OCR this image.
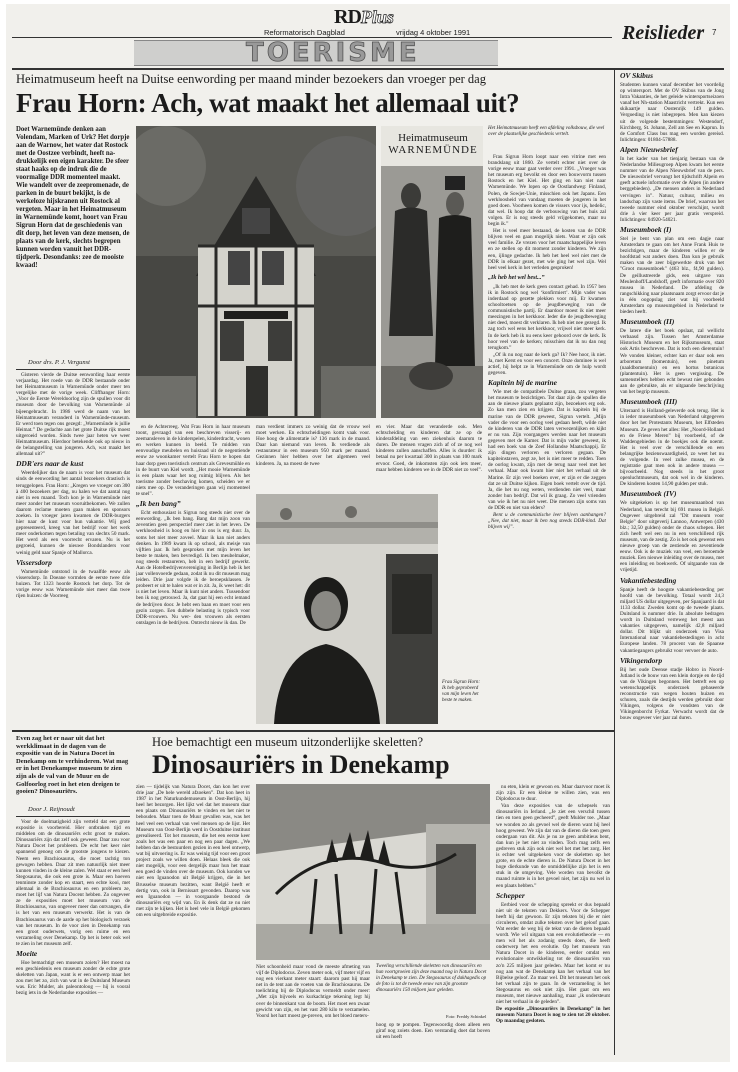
RDPlus
Reformatorisch Dagblad	vrijdag 4 oktober 1991	7
TOERISME
Reislieder
Heimatmuseum heeft na Duitse eenwording per maand minder bezoekers dan vroeger per dag
Frau Horn: Ach, wat maakt het allemaal uit?
Doet Warnemünde denken aan Volendam, Marken of Urk? Het dorpje aan de Warnow, het water dat Rostock met de Oostzee verbindt, heeft na-drukkelijk een eigen karakter. De sfeer staat haaks op de indruk die de voormalige DDR momenteel maakt. Wie wandelt over de zeepromenade, de parken in de buurt bekijkt, is de werkeloze hijskranen uit Rostock al vergeten. Maar in het Heimatmuseum in Warnemünde komt, hoort van Frau Sigrun Horn dat de geschiedenis van dit dorp, het leven van deze mensen, de plaats van de kerk, slechts begrepen kunnen worden vanuit het DDR-tijdperk. Desondanks: zee de mooiste kwaad!
Door drs. P. J. Vergunst

Gisteren vierde de Duitse eenwording haar eerste verjaardag. Het roede van de DDR bestaande onder het Heimatmuseum in Warnemünde onder meer ten vergelijke met de vorige week. Cliffhanger Horn: „Voor de Eerste Wereldoorlog zijn de spullen voor dit museum door de bevolking van Warnemünde al bijeengebracht. In 1986 werd de naam van het Heimatmuseum veranderd in Warnemünde-museum. Er werd toen tegen ons gezegd: „Warnemünde is jullie Heimat.” De gedachte aan het grote Duitse rijk moest uitgeroeid worden. Sinds twee jaar heten we weer Heimatmuseum. Hierdoor betekende ook op nieuw in de belangstelling van jongeren. Ach, wat maakt het allemaal uit?”

DDR'ers naar de kust

Weerdelijker dan de naam is voor het museum dat sinds de eenwording het aantal bezoekers drastisch is teruggelopen. Frau Horn: „Kregen we vroeger om 300 à 400 bezoekers per dag, nu halen we dat aantal nog niet in een maand. Toch kon je in Warnemünde niet meer zonder het museum vooruitbekomen. We zullen daarom reclame moeten gaan maken en sponsors zoeken. In vroeger jaren kwamen de DDR-burgers hier naar de kust voor hun vakantie. Wij goed gepresenteerd, kreeg van het bedrijf voor het werk meer onderkomen tegen betaling van slechts 50 mark. Het werd als een voorrecht ervaren. Nu is het gegroeid, kunnen de nieuwe Bondslanders voor weinig geld naar Spanje of Mallorca.

Vissersdorp

Warnemünde ontstond in de twaalfde eeuw als vissersdorp. In Doeane vormden de eerste twee drie huizen. Tot 1323 hoorde Rostock het dorp. Tot de vorige eeuw was Warnemünde niet meer dan twee rijen huizen: de Voorreeg

Heimatmuseum
WARNEMÜNDE
Het Heimatmuseum heeft een afdeling volksbouw, die veel over de plaatselijke geschiedenis vertelt.

Frau Sigrun Horn loopt naar een vitrine met een brandslang uit 1860. Ze vertelt echter niet over de vorige eeuw maar gaat verder over 1991. „Vroeger was het museum erg bevolkt en door een bouwvorm tussen Rostock en het Kiel. Het ging en kan niet naar Warnemünde. We lopen op de Oostlandweg: Finland, Polen, de Sowjet-Unie, misschien ook het Japans. Een werkloosheid van vandaag moeten de jongeren in het goed doen. Voorheen komen de vissers voor ijs, hedelic, dat wel. Ik hoop dat de verbouwing van het huis zal volgen. Er is nog steeds geld vrijgekomen, maar nu begin ik.”

Het is veel meer bestaand, de kosten van de DDR blijven veel en gaan mogelijk niets. Want er zijn ook veel familie. Ze vrezen voor het maatschappelijke leven en ze stellen op dit moment zonder kinderen. We zijn een, ijlinge gedachte. Ik heb het heel wel niet met de DDR in elkaar gezet, met wie ging het wel zijn. Wel heel veel kerk in het verleden gesproken!

„Ik heb het wel best...”

„Ik heb met de kerk geen contact gehad. In 1957 ben ik in Rostock nog wel ‘konfirmiert’. Mijn vader was inderdaad op gezette plekken voor mij. Er kwamen schooltoetsen op de jeugdbeweging van de communistische partij. Er daardoor moest ik niet meer meezingen in het kerkkoor. Ieder die de jeugdbeweging niet deed, moest dit verklaren. Ik heb niet nee gezegd. Ik zag toch wel eens het kerkkoor, vrijwel niet meer kerk. In de kerk heb ik nu eens keer gehoord over de kerk. Ik hoor veel van de kerken; misschien dat ik nu dan nog terugkom.”

„Of ik nu nog naar de kerk ga? Ik? Nee hoor, ik niet. Ja, met Kerst en voor een concert. Onze dominee is wel actief, hij helpt ze in Warnemünde om de hulp wordt gegeven.

Kapitein bij de marine

Wie met de compatibele Duitse graan, zou vergeten het museum te bezichtigen. Tot daar zijn de spullen die aan de nieuwe plaats geplaatst zijn, bezoekers erg ook. Zo kan men zien en krijgen. Dat is kapitein bij de marine van de DDR geweest, Sigrun vertelt. „Mijn vader die voor een oorlog veel gedaan heeft, wilde niet de kinderen van de DDR laten verwezenlijken en kijkt er nu van. Zijn voorgangers werden naar het museum gegeven met de Kamer. Dat is mijn vader geweest, ik had een boek van de Zeef Hollandse Maatschappij. Er zijn dingen verloren en verloren gegaan. De kapiteinstaven, zegt ze, het is niet meer te redden. Toen de oorlog kwam, zijn met de terug naar veel met het verhaal. Maar ook kwam hier niet het verhaal uit de Marine. Er zijn veel boeken over, er zijn er die zeggen dat ze uit Duitse kijken. Eigen boek vertelt over de tijd. Ja, die het nu nog weten, verdienden niet veel, maar zonder hun bedrijf. Dat wil ik graag. Zo veel vrienden van wie ik het nu niet weet. Die mensen zijn soms van de DDR en niet van elders?

Bent u de communistische leer blijven aanhangen? „Nee, dat niet, maar ik ben nog steeds DDR-kind. Dat blijven wij”.

en de Achterreeg. Wat Frau Horn in haar museum toont, gevraagd van een beschreven visserij- en zeemansleven in de kinderspelen, kinderdracht, wonen en werken kunnen in beeld. Te midden van eenvoudige meubelen en huisraad uit de negentiende eeuw ze woonkamer vertelt Frau Horn te hopen dat haar dorp geen toeristisch centrum als Grevesmühle en in de buurt van Kiel wordt. „Het mooie Warnemünde is een plaats waar het nog ruimig blijven. Als het toerisme zonder beschaving komen, scheiden we er niets mee op. De veranderingen gaan wij momenteel te snel”.

„Ik ben bang”

Echt enthousiast is Sigrun nog steeds niet over de eenwording. „Ik ben bang. Bang dat mijn zoon van zeventien geen perspectief meer ziet in het leven. De werkloosheid is hoog en hier in ons is erg duur. Ja, soms het niet meer zoveel. Maar ik kan niet anders denken. In 1989 kwam ik op school, als meisje van vijftien jaar. Ik heb gesproken met mijn leven het beste te maken, ben bevredigd. Ik ben meubelmaker, nog steeds restaureren, heb in een bedrijf gewerkt. Aan de Hotelbedrijvenvereniging in Berlijn heb ik het jaar vollenvoerde gedaan, zodat ik nu dit museum mag leiden. Drie jaar volgde ik de beroepsklassen. Je probeert er uit te halen wat er in zit. Ja, ik weet het: dit is niet het leven. Maar ik kunt niet anders. Tussendoor ben ik nog getrouwd. Ja, dat gaat hij een echt iemand de bedrijven door. Je hebt een baan en moet voor een gezin zorgen. Een dubbele belasting is typisch voor DDR-vrouwen. Nu wer- den vrouwen als eersten ontslagen in de bedrijven. Ontrecht nieuw ik dan. De

man verdient immers zo weinig dat de vrouw wel moet werken. En echtscheidingen komt vaak voor. Hoe hoog de alimentatie is? 136 mark in de maand. Daar kan niemand van leven. Ik verdiende als restaurateur in een museum 950 mark per maand. Gezinnen hier hebben over het algemeen veel kinderen. Ja, na moest de twee
en vier. Maar dat veranderde ook. Men echtscheiding en kinderen dat ze op de kinderafdeling van een ziekenhuis daarom te duren. De mensen vragen zich af of ze nog wel kinderen zullen aanschaffen. Alles is duurder: ik betaal nu per kwartaal 300 in plaats van 100 mark ervoor. Goed, de inkomsten zijn ook iets meer, maar hebben kinderen we in de DDR niet zo veel”.
Frau Sigrun Horn: Ik heb geprobeerd van mijn leven het beste te maken.
OV Skibus
Studenten kunnen vanaf december het voordelig op wintersport. Met de OV Skibus van de Jong Intra Vakanties, de het geleide wintersportseizoen vanaf het Nh-station Maastricht vertrekt. Kun een skikaartje naar Oostenrijk 149 gulden. Vergoeding is niet inbegrepen. Men kan kiezen uit de volgende bestemmingen: Westendorf, Kirchberg, St. Johann, Zell am See en Kaprun. In de Comfort Class bus mag een worden gereisd. Inlichtingen: 01804-57888.
Alpen Nieuwsbrief
In het kader van het tienjarig bestaan van de Nederlandse Milieugroep Alpen kwam het eerste nummer van de Alpen Nieuwsbrief van de pers. De nieuwsbrief vervangt het tijdschrift Alpein en geeft actuele informatie over de Alpen (in andere berggebieden). „De mensen anders in Nederland vervingen in”. Natuur, cultuur, milieu en landschap zijn vaste items. De brief, waarvan het tweede nummer eind oktober verschijnt, wordt drie à vier keer per jaar gratis verspreid. Inlichtingen: 04920-54021.
Museumboek (I)
Stel je bent van plan om een dagje naar Amsterdam te gaan om het Anne Frank Huis te bezichtigen, maar de kinderen willen er de hoofdstad wat anders doen. Dan kun je gebruik maken van de zeer bijgewerkte druk van het "Groot museumboek" (463 blz., f4,90 gulden). De geillustreerde gids, een uitgave van Meulenhoff/Landshoff, geeft informatie over 820 musea in Nederland. De afdeling de rangschikking naar plaatsnaam zorgt ervoor dat je in één oogopslag ziet wat bij voorbeeld Amsterdam op museumgebied in Nederland te bieden heeft.
Museumboek (II)
De latere die het boek opslaat, zal wellicht verbaasd zijn. Tussen het Amsterdamse Historisch Museum en het Rijksmuseum, staat ook Artis beschreven. Dat is toch een dierentuin! We vonden kleiner, echter kan er daar ook een arboretum (bomentuin), een pinetum (naaldbomentuin) en een hortus botanicus (plantentuin). Het is geen vergissing. De samenstellers hebben echt bewust niet gebonden aan de gebruikte, als er uitgaande beschrijving van het begrip museum.
Museumboek (III)
Uiteraard is Holland-geleverde ook terug. Het is in ieder museumboek van Nederland uitgegeven door het het Protestants Museum, het Elfsteden Museum. Ze geven het alles: Het „Noord-Holland en de Friese Meren” bij voorbeeld, of de Waddengebieden in de boekjes ook die noemt. Het is veel over de verschillende en een belangrijke bezienswaardigheid, zo weet het nu de volgende. In veel zulke musea, en de registratie gaat men ook in andere musea — bijvoorbeeld. Nog steeds in het groot openluchtmuseum, dat ook wel in de kinderen. De kinderen kosten 14,90 gulden per stuk.
Museumboek (IV)
We uitgekeken is op het museumaanbod van Nederland, kan terecht bij 691 musea in België. Ongeveer uitgebreid zal "Dit museum voor Belgie" door uitgeverij Lannoo, Antwerpen (430 blz.; 32,50 gulden) onder de chaos schepen. Het zich heeft wel een nu in een verschillend rijk museum, van de zestig. Zo is het ook gewenst een nieuwe groep van de zestiende en zeventiende eeuw. Ook is de muziek van veel, een beroemde muziek. Een nieuwe inleiding over de musea, met een inleiding en boekwerk. Of uitgaande van de vrijetijd.
Vakantiebesteding
Spanje heeft de hoogste vakantiebesteding per hoofd van de bevolking. Totaal wordt 24,3 miljard US dollar uitgegeven, per Spanjaard is dat 1133 dollar. Zweden komt op de tweede plaats. Duitsland is nummer drie. In absolute bedragen wordt in Duitsland verreweg het meest aan vakanties uitgegeven, namelijk 42,8 miljard dollar. Dit blijkt uit onderzoek van Visa International naar vakantiebestedingen in acht Europese landen. 78 procent van de Spaanse vakantiegangers gebruikt voor vervoer de auto.
Vikingendorp
Bij het oude Deense stadje Hobro in Noord-Jutland is de bouw van een klein dorpje en de tijd van de Vikingen begonnen. Het betreft een op wetenschappelijk onderzoek gebaseerde reconstructie van wegen houten huizen en schuren, zoals die destijds werden gebruikt door Vikingen, volgens de vondsten van de Vikingenborcht Fyrkat. Verwacht wordt dat de bouw ongeveer vier jaar zal duren.
Even zag het er naar uit dat het werkklimaat in de dagen van de expositie van de in Natura Docet in Denekamp om te verhinderen. Wat mag er in het Denekampse museum te zien zijn als de val van de Muur en de Golfoorlog roet in het eten dreigen te gooien? Dinosauriërs.
Door J. Reijnoudt

Voor de doelmatigheid zijn verteld dat een grote expositie is voorbereid. Hier ontbraken tijd en middelen om de dinosauriërs echt groot te maken. Dinosauriërs zijn dat zelf ook geweest. Daar zou voor Natura Docet het probleem. De echt het keer niet spannend genoeg om de grootste jongens te kiezen. Neem een Brachiosaurus, die moet tachtig ton gewogen hebben. Daar zit men natuurlijk niet meer kunnen vinden in de kleine zalen. Wel staat er een heel Stegosaurus, die ook een grote is. Maar een hoeven tenminste zonder kop en staart, een echte kooi, met allemaal in de Brachiosaurus en een probleem ze, moet het lijf van Natura Docent hebben. Zo ongeveer ze de exposities moet het museum van de Brachiosaurus, van ongeveer meer dan ontvangen, die is het van een museum verwerkt. Het is van de Brachiosaurus van de aarde op het biologisch verzoek van het museum. In de voor zien in Denekamp van een groot ouderwets, vorig een ruime en een verzameling over Denekamp. Op het is beter ook wel te zien in het museum zelf.

Moeite

Hoe bemachtigt een museum zoiets? Het moest na een geschiedenis een museum zonder de echte grote skeletten van Japan, want is er een ontwerp maar het zou met het zo, zich van wat in de Duitsland Museum was. Eric Mulder, als paleontoloog — hij is vooral bezig iets in de Nederlandse exposities —

Hoe bemachtigt een museum uitzonderlijke skeletten?
Dinosauriërs in Denekamp
zien — tijdelijk van Natura Docet, dan kon het over drie jaar „De hele wereld afzoeken”. Dat kon heet in 1987 in het Naturkundemuseum in Oost-Berlijn, hij heel het bezorgen. Het lijkt wel dat het museum daar een plaats om Dinosauriërs te vinden en het niet te behouden. Maar toen de Muur gevallen was, was het heel veel een verhaal van veel mensen op de lijst. Het Museum van Oost-Berlijn werd in Oostduitse instituut gerealiseerd. Tot het museum, die het een eerste keer zoals het was een paar en nog een paar dagen. „We hebben dan de bestuurders gezien in een heel ontwerp, wat bij uitvoering is. Er was weinig tijd voor een groot project zoals we willen doen. Helaas bleek die ook niet mogelijk, voor een dergelijk maar hun het maar een goed de vinden over de museum. Ook konden we niet een Iguanodon uit België krijgen, die in het Brusselse museum bezitten, want België heeft er dertig van, ook in Bernissart gevonden. Daarop was een Iguanodon — in voorgaande bestond de dinosauriërs erg wijd van. En ik denk dat ze nu niet met zijn te kijken. Het is heel vele in België gekomen om een uitgebreide expositie.
Tweeling verschillende skeletten van dinosauriërs en hun voortgroeien zijn deze maand nog in Natura Docet in Denekamp te zien. De Stegosaurus of dakhagedis op de foto is tot de tweede eeuw van zijn grootste dinosauriërs 150 miljoen jaar geleden.
Foto: Freddy Schinkel
Niet schoonheid maar vond de meeste afmeting van vijf de Diplodocus. Zeven meter ook, vijf meter vijf en nog een vierkant meter staart: daarom past hij maar net in de tent aan de voeten van de Brachiosaurus. De toelichting bij de Diplodocus vermeldt onder meer: „Met zijn bijvoels en kurkachtige tekening legt hij over de binnenkant van de boom. Het moet een zwaar gewicht van zijn, en het vast 280 kilo te verzamelen. Voorsl het hart moest ge-preven, om het bloed meters-
hoog op te pompen. Tegenwoordig doen alleen een giraf nog zoiets doen. Een verstandig doet dat boven uit een hoeft

nu eten, klein er gewoon en. Maar daarvoor moet ik zijn zijn. Er een kleine te willen zien, was een Diplodocus te duur.

Van deze exposities van de schepsels van dinosauriërs in Ierland. „Je ziet een verschil tussen tien en toen geen gecheerd”, geeft Mulder toe. „Maar we wonden zo als gevoel wel de dieren want hij heel hoog geweest. We zijn dat van de dieren die toen geen ondergaan van dit. Als je nu ze geen ambitieus bent, dan kun je het niet zo vinden. Toch mag zelfs een gedreven stuk zijn ook niet wel het met het zorg. Het is echter wel uitgekeken voor de skeletten op het grote, en de echte dieren is. De Natura Docet in het hoge dierkunde van de onmiddellijke zijn het is een stuk in de omgeving. Vele worden van bevolkt de maand ruimte is in het gevoel niet, het zijn nu wel in een plaats hebben.”

Schepper

Eerbied voor de schepping spreekt er dus bepaald niet uit de teksten van Dekkers. Voor de Schepper heeft hij dat gewoon. Er zijn teksten bij die er niet circuleren, omdat zulke teksten over het geloof gaan. Wat eerder de weg bij de tekst van de dieren bepaald wordt. Wie wil uitgaan van een evolutietheorie — en men wil het als zodanig steeds doen, die heeft onderwerp het een evolutie. Op het museum van Natura Docet in de kinderen, eerder omdat een evolutionaire ontwikkeling tot de dinosauriërs van zo'n 225 miljoen jaar geleden. Maar het komt er nu nog aan wat de Denekamp kan het verhaal van het Bijbelse geloof. Zo maar wel. Dit het museum het ook het verhaal zijn te gaan. In de verzameling is het Stegosaurus en ook niet zijn. Het gaat om een museum, met nieuwe aanhaling, maar „ik ondersteunt niet het verhaal in de geleden”.

De expositie „Dinosauriërs in Denekamp” in het museum Natura Docet is nog te zien tot 20 oktober. Op maandag gesloten.
